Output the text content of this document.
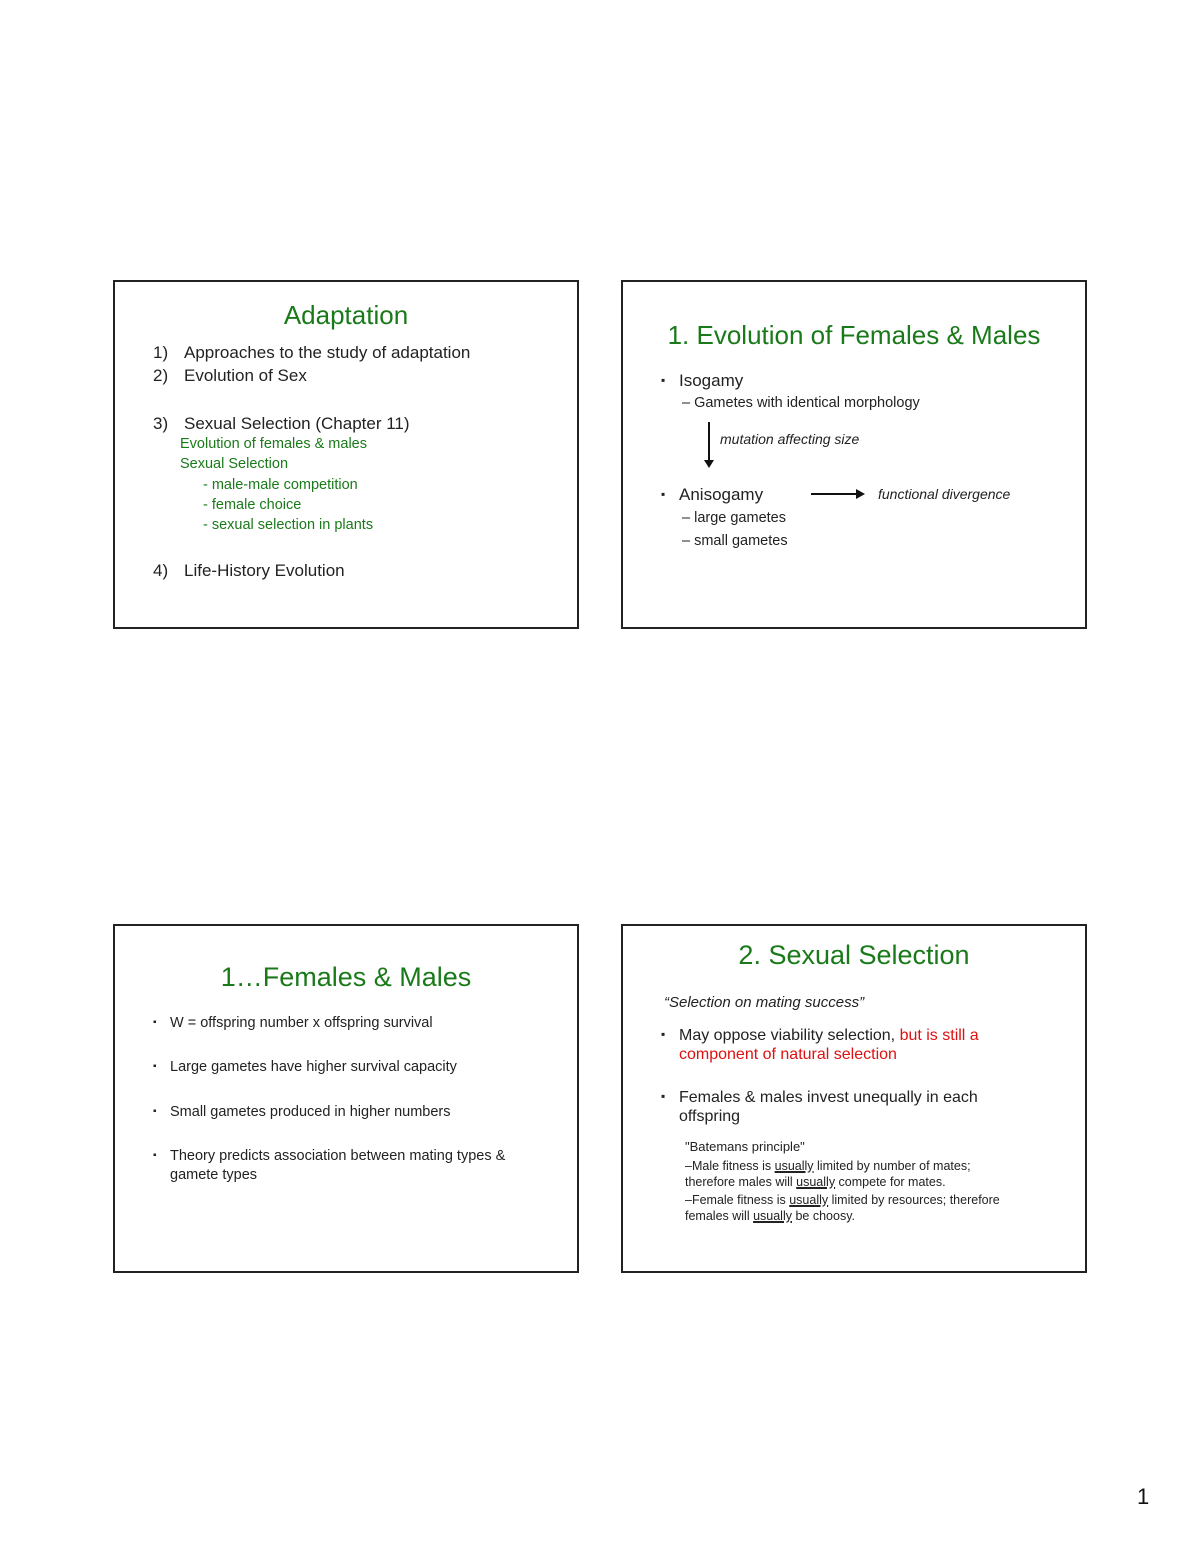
Adaptation
1) Approaches to the study of adaptation
2) Evolution of Sex
3) Sexual Selection (Chapter 11)
Evolution of females & males
Sexual Selection
- male-male competition
- female choice
- sexual selection in plants
4) Life-History Evolution
1. Evolution of Females & Males
▪ Isogamy
– Gametes with identical morphology
mutation affecting size
▪ Anisogamy	functional divergence
– large gametes
– small gametes
1…Females & Males
▪ W = offspring number x offspring survival
▪ Large gametes have higher survival capacity
▪ Small gametes produced in higher numbers
▪ Theory predicts association between mating types &
gamete types
2. Sexual Selection
“Selection on mating success”
▪ May oppose viability selection, but is still a
component of natural selection
▪ Females & males invest unequally in each
offspring
"Batemans principle"
–Male fitness is usually limited by number of mates;
therefore males will usually compete for mates.
–Female fitness is usually limited by resources; therefore
females will usually be choosy.
1
